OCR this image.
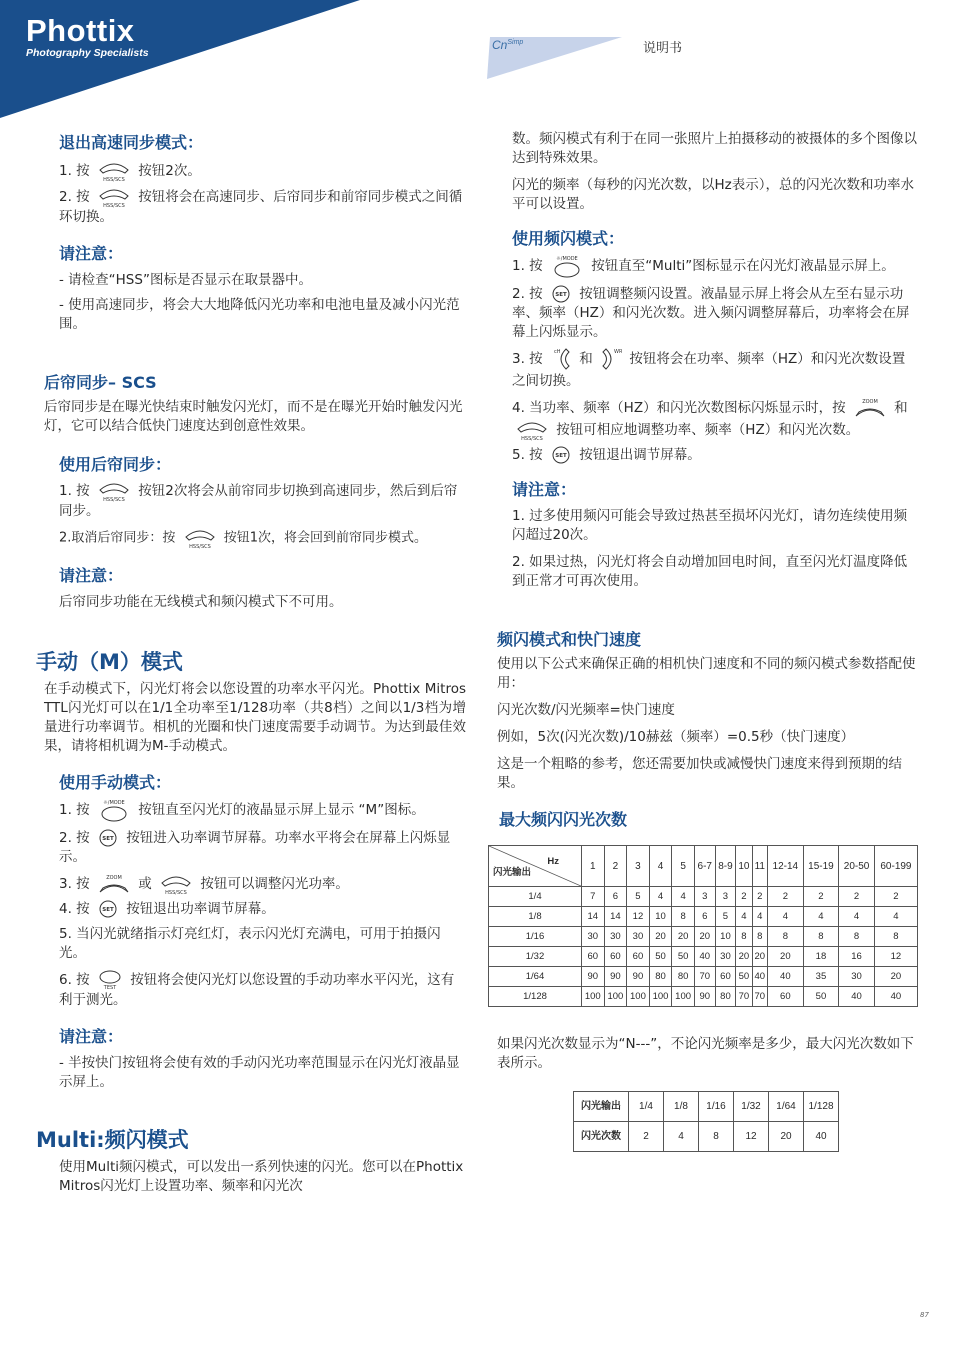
Phottix
Photography Specialists
$Cn^{Simp}$	说明书

退出高速同步模式：

1. 按
HSS/SCS
按钮2次。

2. 按
HSS/SCS
按钮将会在高速同步、后帘同步和前帘同步模式之间循环切换。

请注意：

- 请检查“HSS”图标是否显示在取景器中。

- 使用高速同步，将会大大地降低闪光功率和电池电量及减小闪光范围。

后帘同步– SCS

后帘同步是在曝光快结束时触发闪光灯，而不是在曝光开始时触发闪光灯，它可以结合低快门速度达到创意性效果。

使用后帘同步：

1. 按
HSS/SCS
按钮2次将会从前帘同步切换到高速同步，然后到后帘同步。

2.取消后帘同步：按
HSS/SCS
按钮1次，将会回到前帘同步模式。

请注意：

后帘同步功能在无线模式和频闪模式下不可用。

手动（M）模式

在手动模式下，闪光灯将会以您设置的功率水平闪光。Phottix Mitros TTL闪光灯可以在1/1全功率至1/128功率（共8档）之间以1/3档为增量进行功率调节。相机的光圈和快门速度需要手动调节。为达到最佳效果，请将相机调为M-手动模式。

使用手动模式：

1. 按	☼/MODE 按钮直至闪光灯的液晶显示屏上显示 “M”图标。

2. 按 SET 按钮进入功率调节屏幕。功率水平将会在屏幕上闪烁显示。

3. 按	ZOOM 或
HSS/SCS
按钮可以调整闪光功率。

4. 按 SET 按钮退出功率调节屏幕。

5. 当闪光就绪指示灯亮红灯，表示闪光灯充满电，可用于拍摄闪光。

6. 按	TEST 按钮将会使闪光灯以您设置的手动功率水平闪光，这有利于测光。

请注意：

- 半按快门按钮将会使有效的手动闪光功率范围显示在闪光灯液晶显示屏上。

Multi:频闪模式

使用Multi频闪模式，可以发出一系列快速的闪光。您可以在Phottix Mitros闪光灯上设置功率、频率和闪光次

数。频闪模式有利于在同一张照片上拍摄移动的被摄体的多个图像以达到特殊效果。

闪光的频率（每秒的闪光次数，以Hz表示），总的闪光次数和功率水平可以设置。

使用频闪模式：

1. 按	☼/MODE 按钮直至“Multi”图标显示在闪光灯液晶显示屏上。

2. 按 SET 按钮调整频闪设置。液晶显示屏上将会从左至右显示功率、频率（HZ）和闪光次数。进入频闪调整屏幕后，功率将会在屏幕上闪烁显示。

3. 按 ᴄH 和	WR 按钮将会在功率、频率（HZ）和闪光次数设置之间切换。

4. 当功率、频率（HZ）和闪光次数图标闪烁显示时，按	ZOOM 和
HSS/SCS
按钮可相应地调整功率、频率（HZ）和闪光次数。

5. 按 SET 按钮退出调节屏幕。

请注意：

1. 过多使用频闪可能会导致过热甚至损坏闪光灯，请勿连续使用频闪超过20次。

2. 如果过热，闪光灯将会自动增加回电时间，直至闪光灯温度降低到正常才可再次使用。

频闪模式和快门速度

使用以下公式来确保正确的相机快门速度和不同的频闪模式参数搭配使用：

闪光次数/闪光频率=快门速度

例如，5次(闪光次数)/10赫兹（频率）=0.5秒（快门速度）

这是一个粗略的参考，您还需要加快或减慢快门速度来得到预期的结果。

最大频闪闪光次数

Hz
闪光输出	1	2	3	4	5	6-7	8-9	10	11	12-14	15-19	20-50	60-199
1/4	7	6	5	4	4	3	3	2	2	2	2	2	2
1/8	14	14	12	10	8	6	5	4	4	4	4	4	4
1/16	30	30	30	20	20	20	10	8	8	8	8	8	8
1/32	60	60	60	50	50	40	30	20	20	20	18	16	12
1/64	90	90	90	80	80	70	60	50	40	40	35	30	20
1/128	100	100	100	100	100	90	80	70	70	60	50	40	40

如果闪光次数显示为“N---”，不论闪光频率是多少，最大闪光次数如下表所示。

闪光输出	1/4	1/8	1/16	1/32	1/64	1/128
闪光次数	2	4	8	12	20	40
87
